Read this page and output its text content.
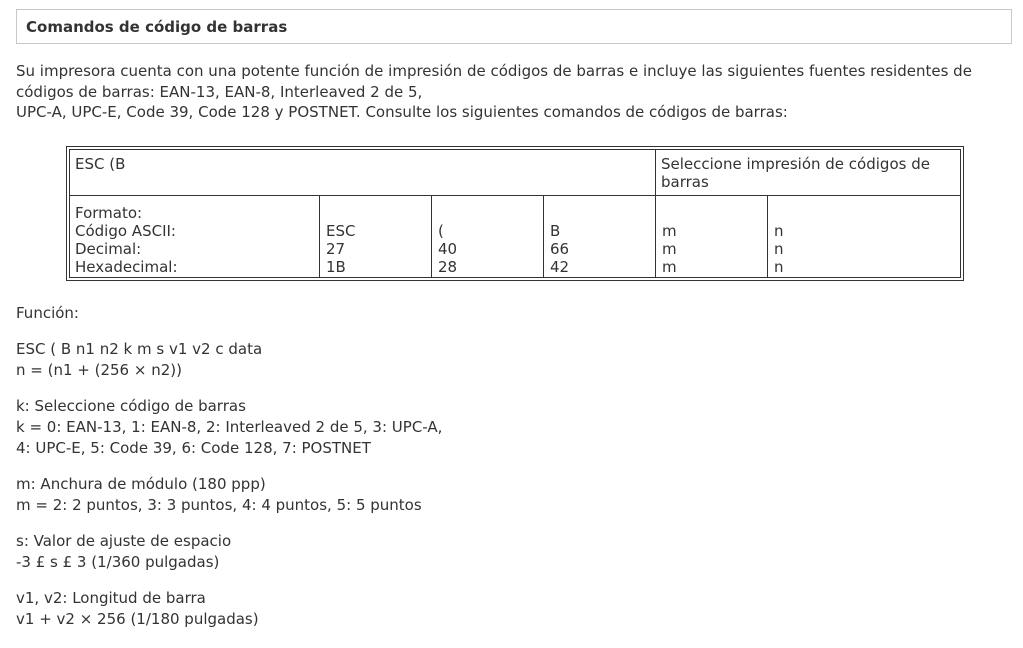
Comandos de código de barras

Su impresora cuenta con una potente función de impresión de códigos de barras e incluye las siguientes fuentes residentes de
códigos de barras: EAN-13, EAN-8, Interleaved 2 de 5,
UPC-A, UPC-E, Code 39, Code 128 y POSTNET. Consulte los siguientes comandos de códigos de barras:

ESC (B	Seleccione impresión de códigos de
barras

Formato:
Código ASCII:
Decimal:
Hexadecimal:

ESC
27
1B

(
40
28

B
66
42

m
m
m

n
n
n

Función:

ESC ( B n1 n2 k m s v1 v2 c data
n = (n1 + (256 × n2))

k: Seleccione código de barras
k = 0: EAN-13, 1: EAN-8, 2: Interleaved 2 de 5, 3: UPC-A,
4: UPC-E, 5: Code 39, 6: Code 128, 7: POSTNET

m: Anchura de módulo (180 ppp)
m = 2: 2 puntos, 3: 3 puntos, 4: 4 puntos, 5: 5 puntos

s: Valor de ajuste de espacio
-3 £ s £ 3 (1/360 pulgadas)

v1, v2: Longitud de barra
v1 + v2 × 256 (1/180 pulgadas)
